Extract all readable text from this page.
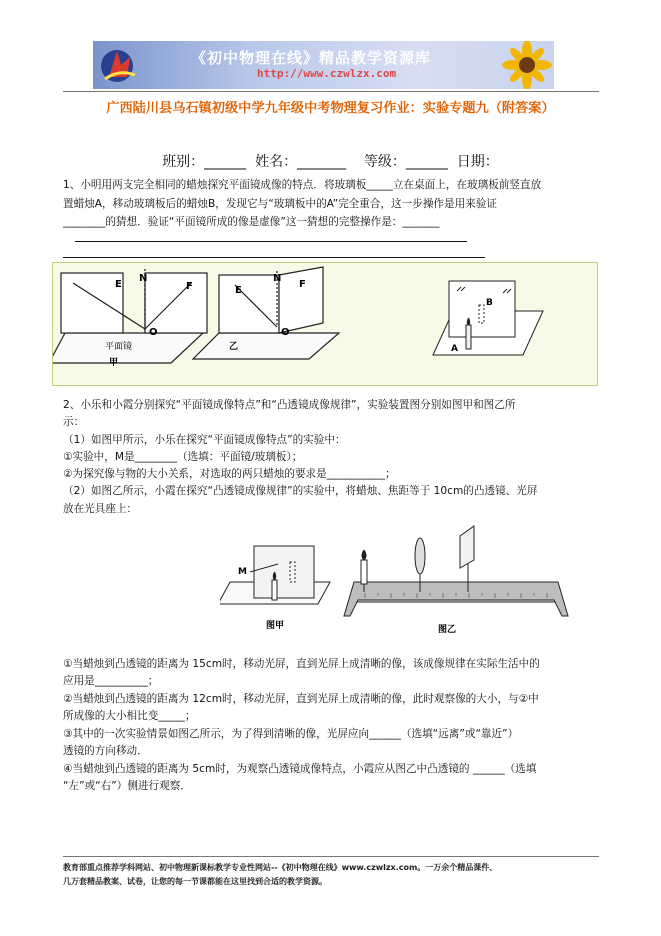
《初中物理在线》精品教学资源库
http://www.czwlzx.com
广西陆川县乌石镇初级中学九年级中考物理复习作业：实验专题九（附答案）
班别：______  姓名：_______    等级：______  日期：
1、小明用两支完全相同的蜡烛探究平面镜成像的特点．将玻璃板_____立在桌面上，在玻璃板前竖直放
置蜡烛A，移动玻璃板后的蜡烛B，发现它与“玻璃板中的A”完全重合，这一步操作是用来验证
________的猜想．验证“平面镜所成的像是虚像”这一猜想的完整操作是：_______
E
N
F
O
平面镜
甲
E
N
F
O
乙
B
A
2、小乐和小霞分别探究“平面镜成像特点”和“凸透镜成像规律”，实验装置图分别如图甲和图乙所
示：
（1）如图甲所示，小乐在探究“平面镜成像特点”的实验中：
①实验中，M是________（选填：平面镜/玻璃板）；
②为探究像与物的大小关系，对选取的两只蜡烛的要求是___________；
（2）如图乙所示，小霞在探究“凸透镜成像规律”的实验中，将蜡烛、焦距等于 10cm的凸透镜、光屏
放在光具座上：
M
图甲	图乙
①当蜡烛到凸透镜的距离为 15cm时，移动光屏，直到光屏上成清晰的像，该成像规律在实际生活中的
应用是__________；
②当蜡烛到凸透镜的距离为 12cm时，移动光屏，直到光屏上成清晰的像，此时观察像的大小，与②中
所成像的大小相比变_____；
③其中的一次实验情景如图乙所示，为了得到清晰的像，光屏应向______（选填“远离”或“靠近”）
透镜的方向移动．
④当蜡烛到凸透镜的距离为 5cm时，为观察凸透镜成像特点，小霞应从图乙中凸透镜的 ______（选填
“左”或“右”）侧进行观察．
教育部重点推荐学科网站、初中物理新课标教学专业性网站--《初中物理在线》www.czwlzx.com。一万余个精品课件、
几万套精品教案、试卷，让您的每一节课都能在这里找到合适的教学资源。
